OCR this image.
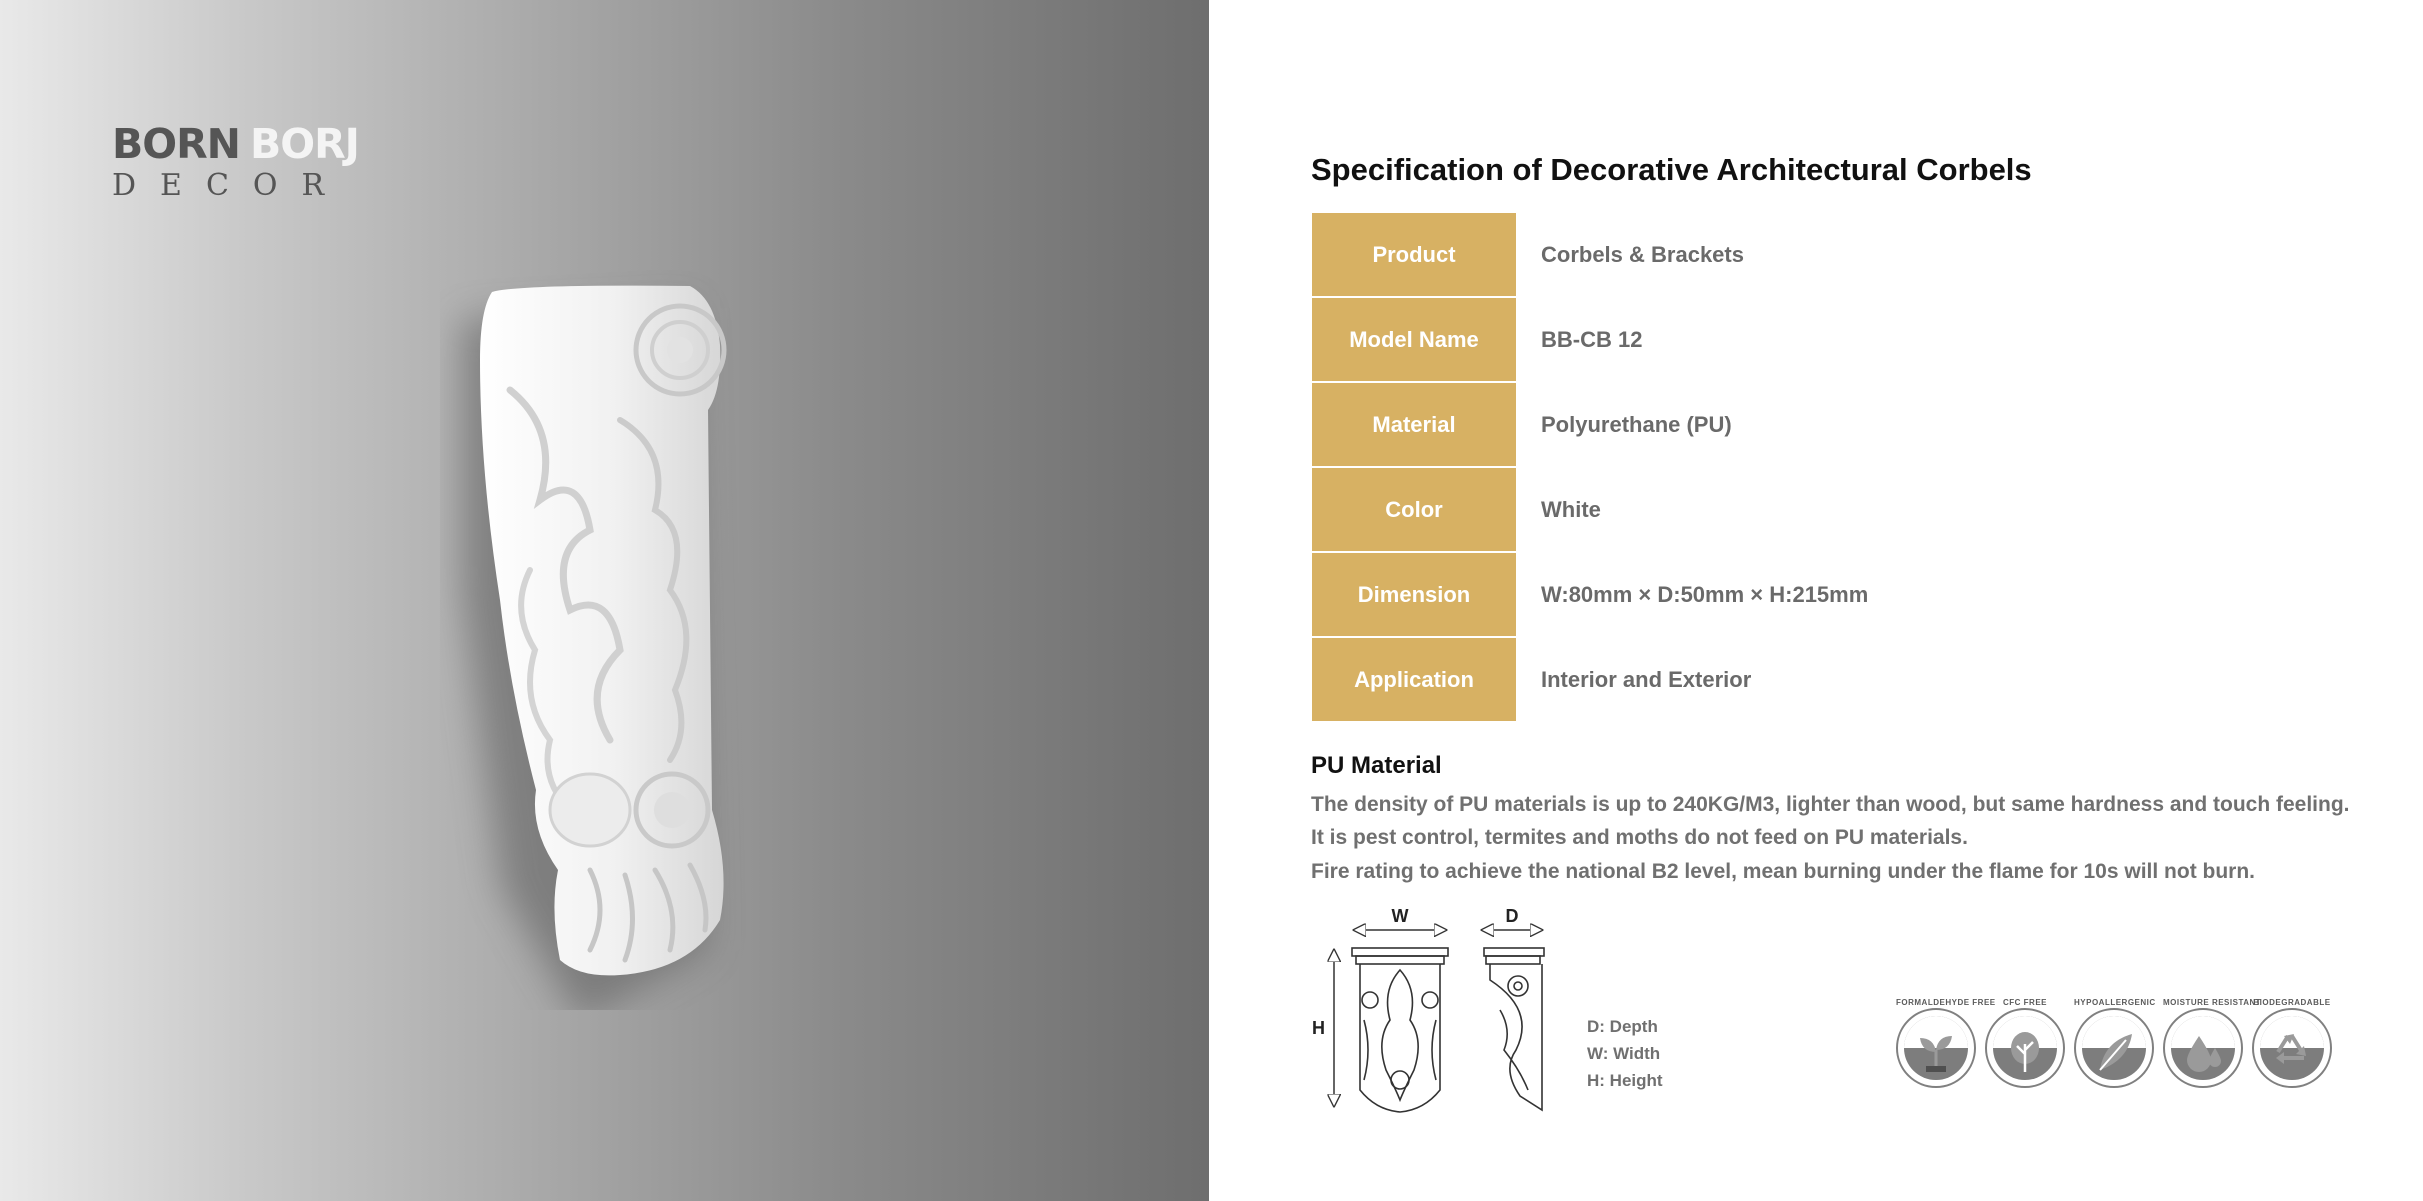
BORN BORJ
DECOR	Specification of Decorative Architectural Corbels
Product	Corbels & Brackets
Model Name	BB-CB 12
Material	Polyurethane (PU)
Color	White
Dimension	W:80mm × D:50mm × H:215mm
Application	Interior and Exterior
PU Material
The density of PU materials is up to 240KG/M3, lighter than wood, but same hardness and touch feeling.
It is pest control, termites and moths do not feed on PU materials.
Fire rating to achieve the national B2 level, mean burning under the flame for 10s will not burn.
W	D
H	D: Depth
W: Width
H: Height
FORMALDEHYDE FREE CFC FREE	HYPOALLERGENIC MOISTURE RESISTANT
BIODEGRADABLE
